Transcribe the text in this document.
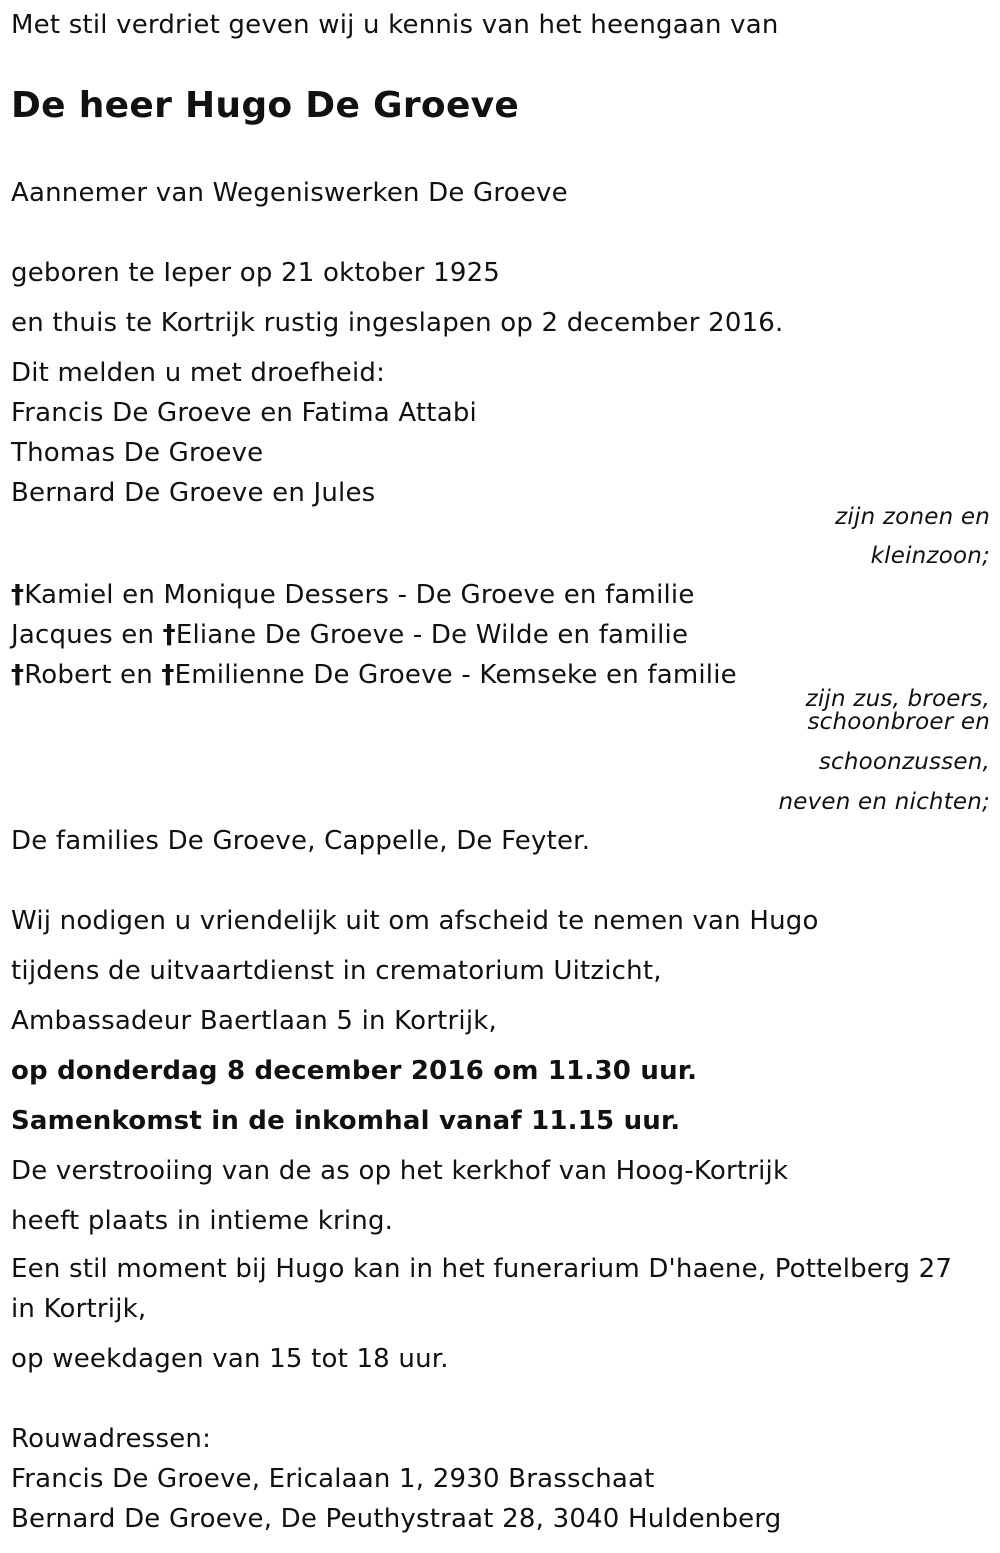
Met stil verdriet geven wij u kennis van het heengaan van
De heer Hugo De Groeve
Aannemer van Wegeniswerken De Groeve
geboren te Ieper op 21 oktober 1925
en thuis te Kortrijk rustig ingeslapen op 2 december 2016.
Dit melden u met droefheid:
Francis De Groeve en Fatima Attabi
Thomas De Groeve
Bernard De Groeve en Jules
zijn zonen en
kleinzoon;
†Kamiel en Monique Dessers - De Groeve en familie
Jacques en †Eliane De Groeve - De Wilde en familie
†Robert en †Emilienne De Groeve - Kemseke en familie
zijn zus, broers,
schoonbroer en
schoonzussen,
neven en nichten;
De families De Groeve, Cappelle, De Feyter.
Wij nodigen u vriendelijk uit om afscheid te nemen van Hugo
tijdens de uitvaartdienst in crematorium Uitzicht,
Ambassadeur Baertlaan 5 in Kortrijk,
op donderdag 8 december 2016 om 11.30 uur.
Samenkomst in de inkomhal vanaf 11.15 uur.
De verstrooiing van de as op het kerkhof van Hoog-Kortrijk
heeft plaats in intieme kring.
Een stil moment bij Hugo kan in het funerarium D'haene, Pottelberg 27
in Kortrijk,
op weekdagen van 15 tot 18 uur.
Rouwadressen:
Francis De Groeve, Ericalaan 1, 2930 Brasschaat
Bernard De Groeve, De Peuthystraat 28, 3040 Huldenberg
